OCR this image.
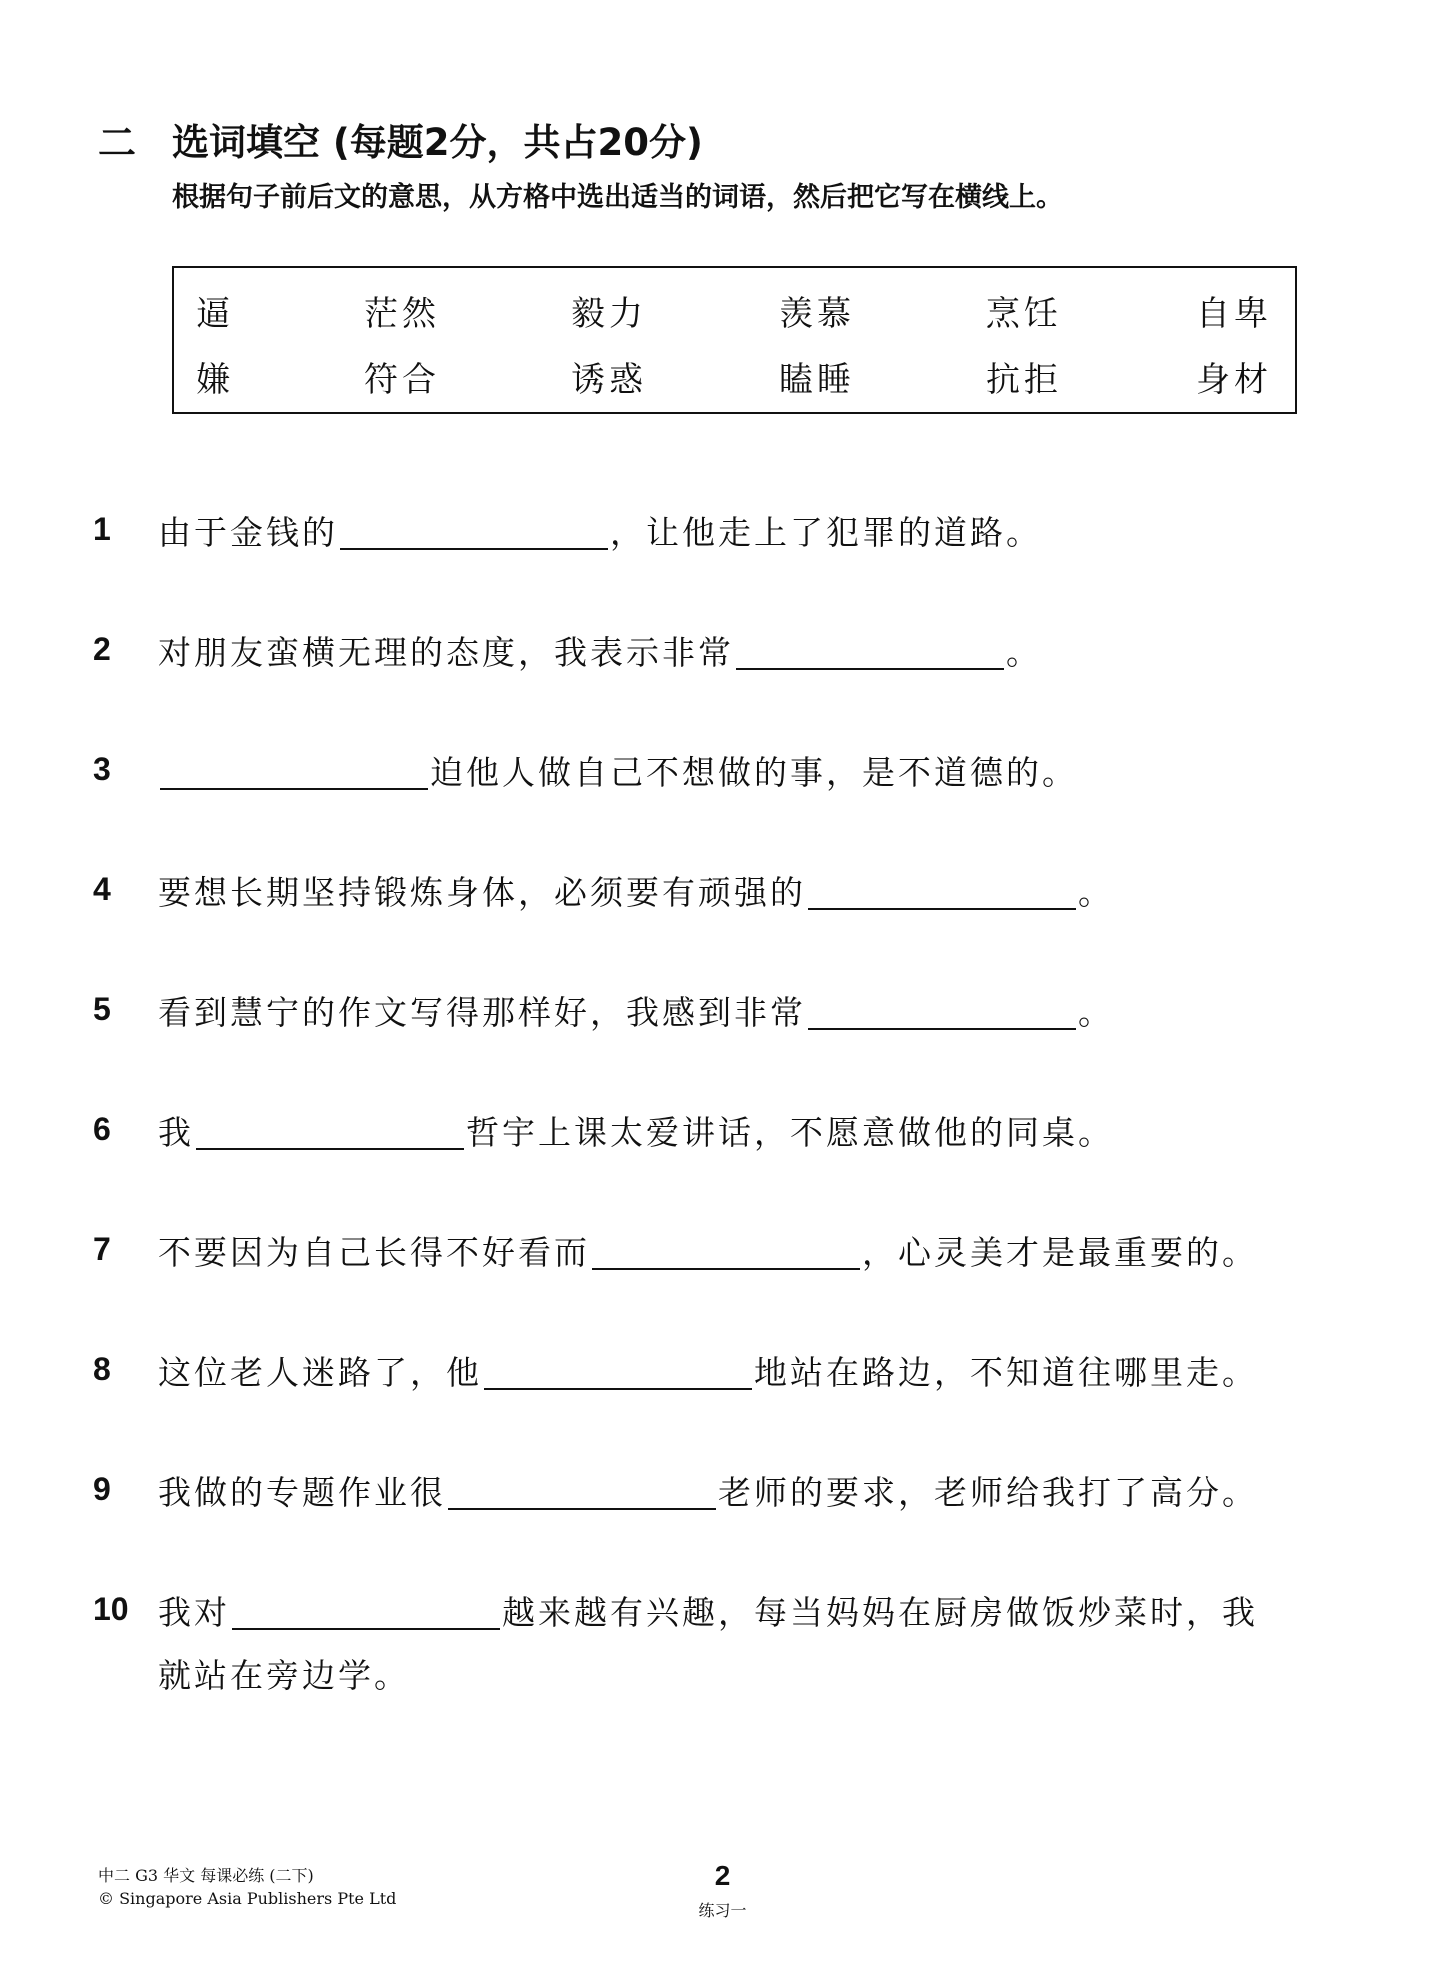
二 选词填空 (每题2分，共占20分)
根据句子前后文的意思，从方格中选出适当的词语，然后把它写在横线上。
逼	茫然	毅力	羡慕	烹饪	自卑
嫌	符合	诱惑	瞌睡	抗拒	身材
1	由于金钱的	，让他走上了犯罪的道路。
2	对朋友蛮横无理的态度，我表示非常	。
3	迫他人做自己不想做的事，是不道德的。
4	要想长期坚持锻炼身体，必须要有顽强的	。
5	看到慧宁的作文写得那样好，我感到非常	。
6	我	哲宇上课太爱讲话，不愿意做他的同桌。
7	不要因为自己长得不好看而	，心灵美才是最重要的。
8	这位老人迷路了，他	地站在路边，不知道往哪里走。
9	我做的专题作业很	老师的要求，老师给我打了高分。
10 我对	越来越有兴趣，每当妈妈在厨房做饭炒菜时，我
就站在旁边学。
中二 G3 华文 每课必练 (二下)
© Singapore Asia Publishers Pte Ltd
2
练习一
